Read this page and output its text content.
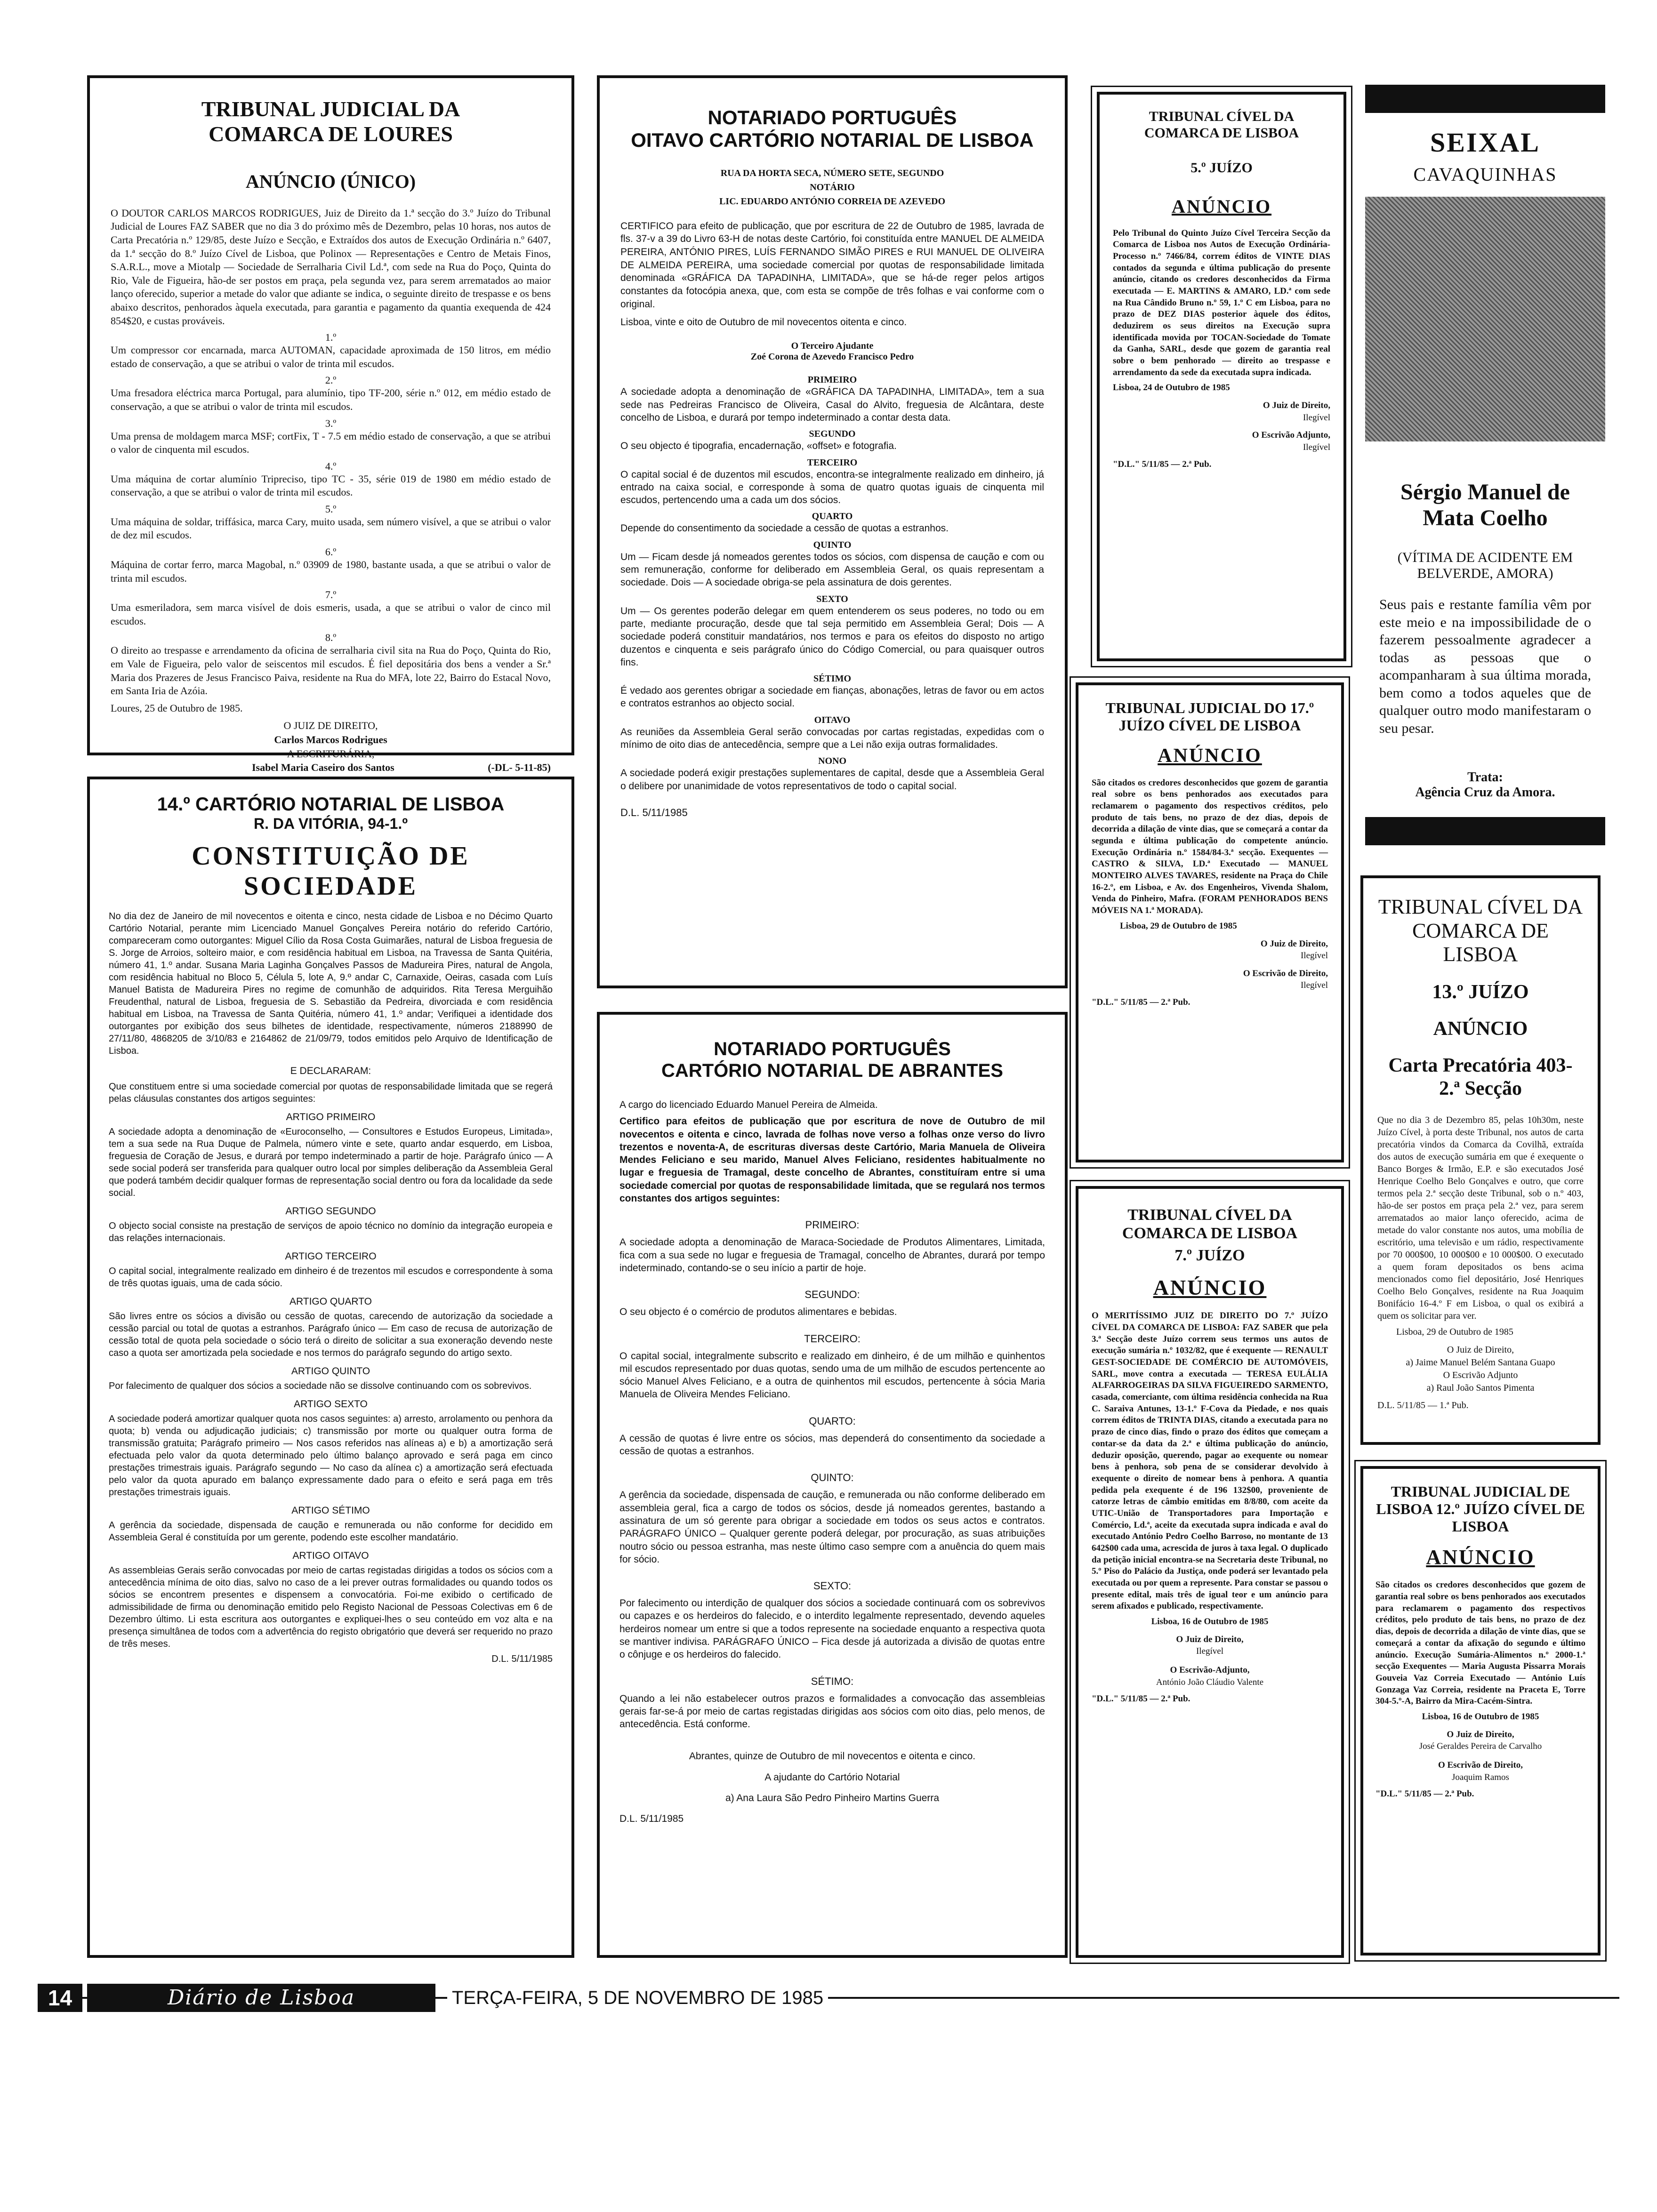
TRIBUNAL JUDICIAL DA COMARCA DE LOURES
ANÚNCIO (ÚNICO)

O DOUTOR CARLOS MARCOS RODRIGUES, Juiz de Direito da 1.ª secção do 3.º Juízo do Tribunal Judicial de Loures FAZ SABER que no dia 3 do próximo mês de Dezembro, pelas 10 horas, nos autos de Carta Precatória n.º 129/85, deste Juízo e Secção, e Extraídos dos autos de Execução Ordinária n.º 6407, da 1.ª secção do 8.º Juízo Cível de Lisboa, que Polinox — Representações e Centro de Metais Finos, S.A.R.L., move a Miotalp — Sociedade de Serralharia Civil Ld.ª, com sede na Rua do Poço, Quinta do Rio, Vale de Figueira, hão-de ser postos em praça, pela segunda vez, para serem arrematados ao maior lanço oferecido, superior a metade do valor que adiante se indica, o seguinte direito de trespasse e os bens abaixo descritos, penhorados àquela executada, para garantia e pagamento da quantia exequenda de 424 854$20, e custas prováveis.

1.º

Um compressor cor encarnada, marca AUTOMAN, capacidade aproximada de 150 litros, em médio estado de conservação, a que se atribui o valor de trinta mil escudos.

2.º

Uma fresadora eléctrica marca Portugal, para alumínio, tipo TF-200, série n.º 012, em médio estado de conservação, a que se atribui o valor de trinta mil escudos.

3.º

Uma prensa de moldagem marca MSF; cortFix, T - 7.5 em médio estado de conservação, a que se atribui o valor de cinquenta mil escudos.

4.º

Uma máquina de cortar alumínio Tripreciso, tipo TC - 35, série 019 de 1980 em médio estado de conservação, a que se atribui o valor de trinta mil escudos.

5.º

Uma máquina de soldar, triffásica, marca Cary, muito usada, sem número visível, a que se atribui o valor de dez mil escudos.

6.º

Máquina de cortar ferro, marca Magobal, n.º 03909 de 1980, bastante usada, a que se atribui o valor de trinta mil escudos.

7.º

Uma esmeriladora, sem marca visível de dois esmeris, usada, a que se atribui o valor de cinco mil escudos.

8.º

O direito ao trespasse e arrendamento da oficina de serralharia civil sita na Rua do Poço, Quinta do Rio, em Vale de Figueira, pelo valor de seiscentos mil escudos. É fiel depositária dos bens a vender a Sr.ª Maria dos Prazeres de Jesus Francisco Paiva, residente na Rua do MFA, lote 22, Bairro do Estacal Novo, em Santa Iria de Azóia.

Loures, 25 de Outubro de 1985.

O JUIZ DE DIREITO,
Carlos Marcos Rodrigues
A ESCRITURÁRIA,
Isabel Maria Caseiro dos Santos	(-DL- 5-11-85)
NOTARIADO PORTUGUÊS
OITAVO CARTÓRIO NOTARIAL DE LISBOA
RUA DA HORTA SECA, NÚMERO SETE, SEGUNDO
NOTÁRIO
LIC. EDUARDO ANTÓNIO CORREIA DE AZEVEDO

CERTIFICO para efeito de publicação, que por escritura de 22 de Outubro de 1985, lavrada de fls. 37-v a 39 do Livro 63-H de notas deste Cartório, foi constituída entre MANUEL DE ALMEIDA PEREIRA, ANTÓNIO PIRES, LUÍS FERNANDO SIMÃO PIRES e RUI MANUEL DE OLIVEIRA DE ALMEIDA PEREIRA, uma sociedade comercial por quotas de responsabilidade limitada denominada «GRÁFICA DA TAPADINHA, LIMITADA», que se há-de reger pelos artigos constantes da fotocópia anexa, que, com esta se compõe de três folhas e vai conforme com o original.

Lisboa, vinte e oito de Outubro de mil novecentos oitenta e cinco.

O Terceiro Ajudante
Zoé Corona de Azevedo Francisco Pedro
PRIMEIRO

A sociedade adopta a denominação de «GRÁFICA DA TAPADINHA, LIMITADA», tem a sua sede nas Pedreiras Francisco de Oliveira, Casal do Alvito, freguesia de Alcântara, deste concelho de Lisboa, e durará por tempo indeterminado a contar desta data.

SEGUNDO

O seu objecto é tipografia, encadernação, «offset» e fotografia.

TERCEIRO

O capital social é de duzentos mil escudos, encontra-se integralmente realizado em dinheiro, já entrado na caixa social, e corresponde à soma de quatro quotas iguais de cinquenta mil escudos, pertencendo uma a cada um dos sócios.

QUARTO

Depende do consentimento da sociedade a cessão de quotas a estranhos.

QUINTO

Um — Ficam desde já nomeados gerentes todos os sócios, com dispensa de caução e com ou sem remuneração, conforme for deliberado em Assembleia Geral, os quais representam a sociedade. Dois — A sociedade obriga-se pela assinatura de dois gerentes.

SEXTO

Um — Os gerentes poderão delegar em quem entenderem os seus poderes, no todo ou em parte, mediante procuração, desde que tal seja permitido em Assembleia Geral; Dois — A sociedade poderá constituir mandatários, nos termos e para os efeitos do disposto no artigo duzentos e cinquenta e seis parágrafo único do Código Comercial, ou para quaisquer outros fins.

SÉTIMO

É vedado aos gerentes obrigar a sociedade em fianças, abonações, letras de favor ou em actos e contratos estranhos ao objecto social.

OITAVO

As reuniões da Assembleia Geral serão convocadas por cartas registadas, expedidas com o mínimo de oito dias de antecedência, sempre que a Lei não exija outras formalidades.

NONO

A sociedade poderá exigir prestações suplementares de capital, desde que a Assembleia Geral o delibere por unanimidade de votos representativos de todo o capital social.

D.L. 5/11/1985
TRIBUNAL CÍVEL DA COMARCA DE LISBOA
5.º JUÍZO
ANÚNCIO

Pelo Tribunal do Quinto Juízo Cível Terceira Secção da Comarca de Lisboa nos Autos de Execução Ordinária-Processo n.º 7466/84, correm éditos de VINTE DIAS contados da segunda e última publicação do presente anúncio, citando os credores desconhecidos da Firma executada — E. MARTINS & AMARO, LD.ª com sede na Rua Cândido Bruno n.º 59, 1.º C em Lisboa, para no prazo de DEZ DIAS posterior àquele dos éditos, deduzirem os seus direitos na Execução supra identificada movida por TOCAN-Sociedade do Tomate da Ganha, SARL, desde que gozem de garantia real sobre o bem penhorado — direito ao trespasse e arrendamento da sede da executada supra indicada.

Lisboa, 24 de Outubro de 1985

O Juiz de Direito,
Ilegível
O Escrivão Adjunto,
Ilegível
"D.L." 5/11/85 — 2.ª Pub.
SEIXAL
CAVAQUINHAS
Sérgio Manuel de Mata Coelho
(VÍTIMA DE ACIDENTE EM BELVERDE, AMORA)

Seus pais e restante família vêm por este meio e na impossibilidade de o fazerem pessoalmente agradecer a todas as pessoas que o acompanharam à sua última morada, bem como a todos aqueles que de qualquer outro modo manifestaram o seu pesar.

Trata:
Agência Cruz da Amora.
14.º CARTÓRIO NOTARIAL DE LISBOA
R. DA VITÓRIA, 94-1.º
CONSTITUIÇÃO DE SOCIEDADE

No dia dez de Janeiro de mil novecentos e oitenta e cinco, nesta cidade de Lisboa e no Décimo Quarto Cartório Notarial, perante mim Licenciado Manuel Gonçalves Pereira notário do referido Cartório, compareceram como outorgantes: Miguel Cílio da Rosa Costa Guimarães, natural de Lisboa freguesia de S. Jorge de Arroios, solteiro maior, e com residência habitual em Lisboa, na Travessa de Santa Quitéria, número 41, 1.º andar. Susana Maria Laginha Gonçalves Passos de Madureira Pires, natural de Angola, com residência habitual no Bloco 5, Célula 5, lote A, 9.º andar C, Carnaxide, Oeiras, casada com Luís Manuel Batista de Madureira Pires no regime de comunhão de adquiridos. Rita Teresa Merguihão Freudenthal, natural de Lisboa, freguesia de S. Sebastião da Pedreira, divorciada e com residência habitual em Lisboa, na Travessa de Santa Quitéria, número 41, 1.º andar; Verifiquei a identidade dos outorgantes por exibição dos seus bilhetes de identidade, respectivamente, números 2188990 de 27/11/80, 4868205 de 3/10/83 e 2164862 de 21/09/79, todos emitidos pelo Arquivo de Identificação de Lisboa.

E DECLARARAM:

Que constituem entre si uma sociedade comercial por quotas de responsabilidade limitada que se regerá pelas cláusulas constantes dos artigos seguintes:

ARTIGO PRIMEIRO

A sociedade adopta a denominação de «Euroconselho, — Consultores e Estudos Europeus, Limitada», tem a sua sede na Rua Duque de Palmela, número vinte e sete, quarto andar esquerdo, em Lisboa, freguesia de Coração de Jesus, e durará por tempo indeterminado a partir de hoje. Parágrafo único — A sede social poderá ser transferida para qualquer outro local por simples deliberação da Assembleia Geral que poderá também decidir qualquer formas de representação social dentro ou fora da localidade da sede social.

ARTIGO SEGUNDO

O objecto social consiste na prestação de serviços de apoio técnico no domínio da integração europeia e das relações internacionais.

ARTIGO TERCEIRO

O capital social, integralmente realizado em dinheiro é de trezentos mil escudos e correspondente à soma de três quotas iguais, uma de cada sócio.

ARTIGO QUARTO

São livres entre os sócios a divisão ou cessão de quotas, carecendo de autorização da sociedade a cessão parcial ou total de quotas a estranhos. Parágrafo único — Em caso de recusa de autorização de cessão total de quota pela sociedade o sócio terá o direito de solicitar a sua exoneração devendo neste caso a quota ser amortizada pela sociedade e nos termos do parágrafo segundo do artigo sexto.

ARTIGO QUINTO

Por falecimento de qualquer dos sócios a sociedade não se dissolve continuando com os sobrevivos.

ARTIGO SEXTO

A sociedade poderá amortizar qualquer quota nos casos seguintes: a) arresto, arrolamento ou penhora da quota; b) venda ou adjudicação judiciais; c) transmissão por morte ou qualquer outra forma de transmissão gratuita; Parágrafo primeiro — Nos casos referidos nas alíneas a) e b) a amortização será efectuada pelo valor da quota determinado pelo último balanço aprovado e será paga em cinco prestações trimestrais iguais. Parágrafo segundo — No caso da alínea c) a amortização será efectuada pelo valor da quota apurado em balanço expressamente dado para o efeito e será paga em três prestações trimestrais iguais.

ARTIGO SÉTIMO

A gerência da sociedade, dispensada de caução e remunerada ou não conforme for decidido em Assembleia Geral é constituída por um gerente, podendo este escolher mandatário.

ARTIGO OITAVO

As assembleias Gerais serão convocadas por meio de cartas registadas dirigidas a todos os sócios com a antecedência mínima de oito dias, salvo no caso de a lei prever outras formalidades ou quando todos os sócios se encontrem presentes e dispensem a convocatória. Foi-me exibido o certificado de admissibilidade de firma ou denominação emitido pelo Registo Nacional de Pessoas Colectivas em 6 de Dezembro último. Li esta escritura aos outorgantes e expliquei-lhes o seu conteúdo em voz alta e na presença simultânea de todos com a advertência do registo obrigatório que deverá ser requerido no prazo de três meses.

D.L. 5/11/1985
NOTARIADO PORTUGUÊS
CARTÓRIO NOTARIAL DE ABRANTES

A cargo do licenciado Eduardo Manuel Pereira de Almeida.

Certifico para efeitos de publicação que por escritura de nove de Outubro de mil novecentos e oitenta e cinco, lavrada de folhas nove verso a folhas onze verso do livro trezentos e noventa-A, de escrituras diversas deste Cartório, Maria Manuela de Oliveira Mendes Feliciano e seu marido, Manuel Alves Feliciano, residentes habitualmente no lugar e freguesia de Tramagal, deste concelho de Abrantes, constituíram entre si uma sociedade comercial por quotas de responsabilidade limitada, que se regulará nos termos constantes dos artigos seguintes:

PRIMEIRO:

A sociedade adopta a denominação de Maraca-Sociedade de Produtos Alimentares, Limitada, fica com a sua sede no lugar e freguesia de Tramagal, concelho de Abrantes, durará por tempo indeterminado, contando-se o seu início a partir de hoje.

SEGUNDO:

O seu objecto é o comércio de produtos alimentares e bebidas.

TERCEIRO:

O capital social, integralmente subscrito e realizado em dinheiro, é de um milhão e quinhentos mil escudos representado por duas quotas, sendo uma de um milhão de escudos pertencente ao sócio Manuel Alves Feliciano, e a outra de quinhentos mil escudos, pertencente à sócia Maria Manuela de Oliveira Mendes Feliciano.

QUARTO:

A cessão de quotas é livre entre os sócios, mas dependerá do consentimento da sociedade a cessão de quotas a estranhos.

QUINTO:

A gerência da sociedade, dispensada de caução, e remunerada ou não conforme deliberado em assembleia geral, fica a cargo de todos os sócios, desde já nomeados gerentes, bastando a assinatura de um só gerente para obrigar a sociedade em todos os seus actos e contratos. PARÁGRAFO ÚNICO – Qualquer gerente poderá delegar, por procuração, as suas atribuições noutro sócio ou pessoa estranha, mas neste último caso sempre com a anuência do quem mais for sócio.

SEXTO:

Por falecimento ou interdição de qualquer dos sócios a sociedade continuará com os sobrevivos ou capazes e os herdeiros do falecido, e o interdito legalmente representado, devendo aqueles herdeiros nomear um entre si que a todos represente na sociedade enquanto a respectiva quota se mantiver indivisa. PARÁGRAFO ÚNICO – Fica desde já autorizada a divisão de quotas entre o cônjuge e os herdeiros do falecido.

SÉTIMO:

Quando a lei não estabelecer outros prazos e formalidades a convocação das assembleias gerais far-se-á por meio de cartas registadas dirigidas aos sócios com oito dias, pelo menos, de antecedência. Está conforme.

Abrantes, quinze de Outubro de mil novecentos e oitenta e cinco.

A ajudante do Cartório Notarial
a) Ana Laura São Pedro Pinheiro Martins Guerra
D.L. 5/11/1985
TRIBUNAL JUDICIAL DO 17.º JUÍZO CÍVEL DE LISBOA
ANÚNCIO

São citados os credores desconhecidos que gozem de garantia real sobre os bens penhorados aos executados para reclamarem o pagamento dos respectivos créditos, pelo produto de tais bens, no prazo de dez dias, depois de decorrida a dilação de vinte dias, que se começará a contar da segunda e última publicação do competente anúncio. Execução Ordinária n.º 1584/84-3.ª secção. Exequentes — CASTRO & SILVA, LD.ª Executado — MANUEL MONTEIRO ALVES TAVARES, residente na Praça do Chile 16-2.º, em Lisboa, e Av. dos Engenheiros, Vivenda Shalom, Venda do Pinheiro, Mafra. (FORAM PENHORADOS BENS MÓVEIS NA 1.ª MORADA).

Lisboa, 29 de Outubro de 1985

O Juiz de Direito,
Ilegível
O Escrivão de Direito,
Ilegível
"D.L." 5/11/85 — 2.ª Pub.
TRIBUNAL CÍVEL DA COMARCA DE LISBOA
13.º JUÍZO
ANÚNCIO
Carta Precatória 403-2.ª Secção

Que no dia 3 de Dezembro 85, pelas 10h30m, neste Juízo Cível, à porta deste Tribunal, nos autos de carta precatória vindos da Comarca da Covilhã, extraída dos autos de execução sumária em que é exequente o Banco Borges & Irmão, E.P. e são executados José Henrique Coelho Belo Gonçalves e outro, que corre termos pela 2.ª secção deste Tribunal, sob o n.º 403, hão-de ser postos em praça pela 2.ª vez, para serem arrematados ao maior lanço oferecido, acima de metade do valor constante nos autos, uma mobília de escritório, uma televisão e um rádio, respectivamente por 70 000$00, 10 000$00 e 10 000$00. O executado a quem foram depositados os bens acima mencionados como fiel depositário, José Henriques Coelho Belo Gonçalves, residente na Rua Joaquim Bonifácio 16-4.º F em Lisboa, o qual os exibirá a quem os solicitar para ver.

Lisboa, 29 de Outubro de 1985

O Juiz de Direito,
a) Jaime Manuel Belém Santana Guapo
O Escrivão Adjunto
a) Raul João Santos Pimenta
D.L. 5/11/85 — 1.ª Pub.
TRIBUNAL CÍVEL DA COMARCA DE LISBOA
7.º JUÍZO
ANÚNCIO

O MERITÍSSIMO JUIZ DE DIREITO DO 7.º JUÍZO CÍVEL DA COMARCA DE LISBOA: FAZ SABER que pela 3.ª Secção deste Juízo correm seus termos uns autos de execução sumária n.º 1032/82, que é exequente — RENAULT GEST-SOCIEDADE DE COMÉRCIO DE AUTOMÓVEIS, SARL, move contra a executada — TERESA EULÁLIA ALFARROGEIRAS DA SILVA FIGUEIREDO SARMENTO, casada, comerciante, com última residência conhecida na Rua C. Saraiva Antunes, 13-1.º F-Cova da Piedade, e nos quais correm éditos de TRINTA DIAS, citando a executada para no prazo de cinco dias, findo o prazo dos éditos que começam a contar-se da data da 2.ª e última publicação do anúncio, deduzir oposição, querendo, pagar ao exequente ou nomear bens à penhora, sob pena de se considerar devolvido à exequente o direito de nomear bens à penhora. A quantia pedida pela exequente é de 196 132$00, proveniente de catorze letras de câmbio emitidas em 8/8/80, com aceite da UTIC-União de Transportadores para Importação e Comércio, Ld.ª, aceite da executada supra indicada e aval do executado António Pedro Coelho Barroso, no montante de 13 642$00 cada uma, acrescida de juros à taxa legal. O duplicado da petição inicial encontra-se na Secretaria deste Tribunal, no 5.º Piso do Palácio da Justiça, onde poderá ser levantado pela executada ou por quem a represente. Para constar se passou o presente edital, mais três de igual teor e um anúncio para serem afixados e publicado, respectivamente.

Lisboa, 16 de Outubro de 1985

O Juiz de Direito,
Ilegível
O Escrivão-Adjunto,
António João Cláudio Valente
"D.L." 5/11/85 — 2.ª Pub.
TRIBUNAL JUDICIAL DE LISBOA 12.º JUÍZO CÍVEL DE LISBOA
ANÚNCIO

São citados os credores desconhecidos que gozem de garantia real sobre os bens penhorados aos executados para reclamarem o pagamento dos respectivos créditos, pelo produto de tais bens, no prazo de dez dias, depois de decorrida a dilação de vinte dias, que se começará a contar da afixação do segundo e último anúncio. Execução Sumária-Alimentos n.º 2000-1.ª secção Exequentes — Maria Augusta Pissarra Morais Gouveia Vaz Correia Executado — António Luís Gonzaga Vaz Correia, residente na Praceta E, Torre 304-5.º-A, Bairro da Mira-Cacém-Sintra.

Lisboa, 16 de Outubro de 1985

O Juiz de Direito,
José Geraldes Pereira de Carvalho
O Escrivão de Direito,
Joaquim Ramos
"D.L." 5/11/85 — 2.ª Pub.
14	Diário de Lisboa	TERÇA-FEIRA, 5 DE NOVEMBRO DE 1985
